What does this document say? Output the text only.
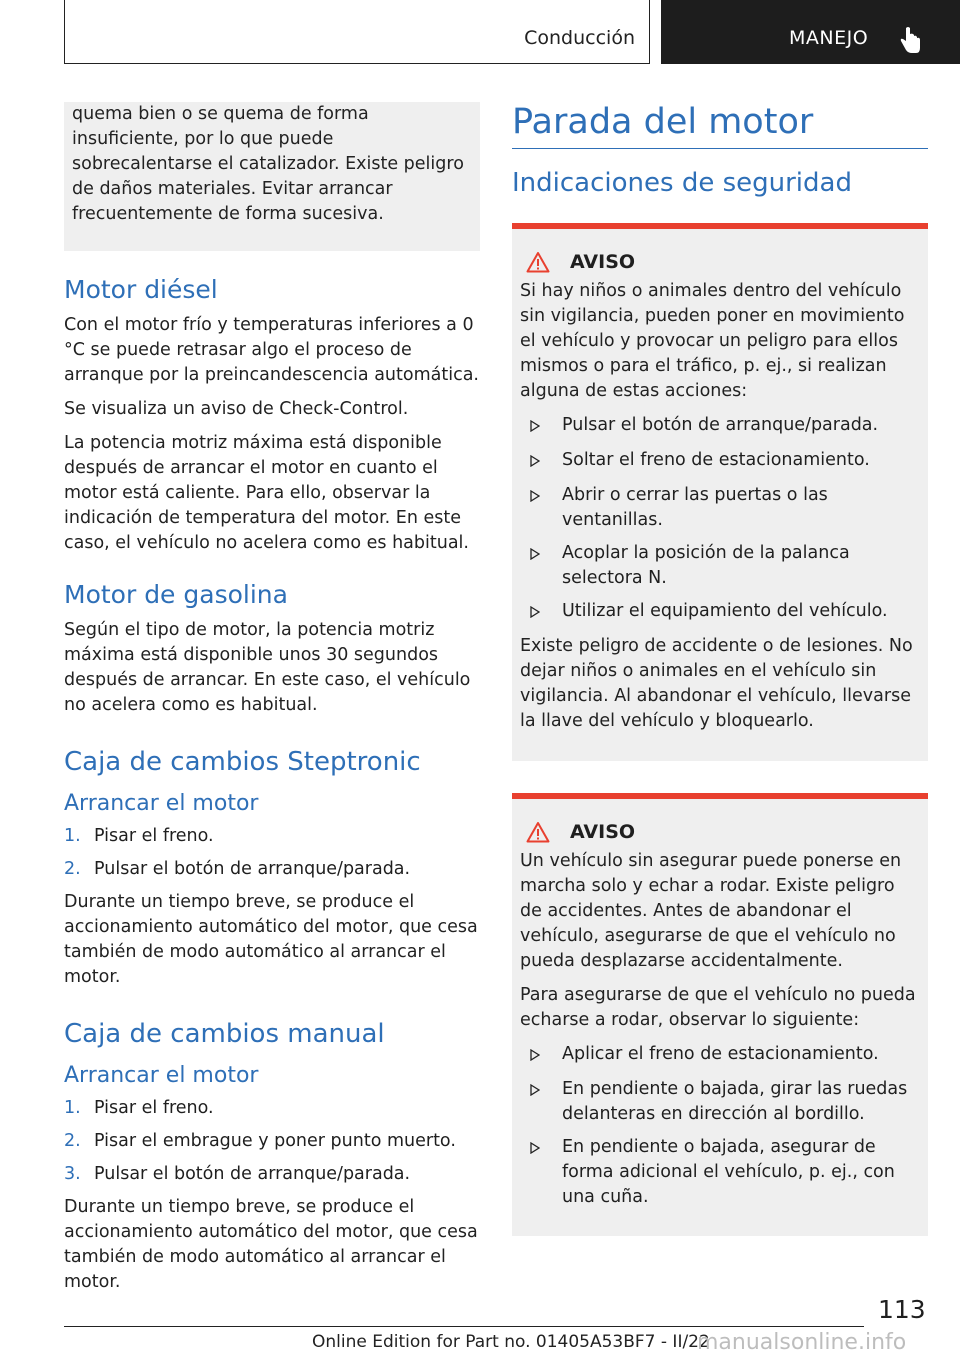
Conducción	MANEJO

quema bien o se quema de forma insuficiente, por lo que puede sobrecalentarse el catalizador. Existe peligro de daños materiales. Evitar arrancar frecuentemente de forma sucesiva.

Motor diésel

Con el motor frío y temperaturas inferiores a 0 °C se puede retrasar algo el proceso de arranque por la preincandescencia automática.

Se visualiza un aviso de Check-Control.

La potencia motriz máxima está disponible después de arrancar el motor en cuanto el motor está caliente. Para ello, observar la indicación de temperatura del motor. En este caso, el vehículo no acelera como es habitual.

Motor de gasolina

Según el tipo de motor, la potencia motriz máxima está disponible unos 30 segundos después de arrancar. En este caso, el vehículo no acelera como es habitual.

Caja de cambios Steptronic
Arrancar el motor
1. Pisar el freno.
2. Pulsar el botón de arranque/parada.

Durante un tiempo breve, se produce el accionamiento automático del motor, que cesa también de modo automático al arrancar el motor.

Caja de cambios manual
Arrancar el motor
1. Pisar el freno.
2. Pisar el embrague y poner punto muerto.
3. Pulsar el botón de arranque/parada.

Durante un tiempo breve, se produce el accionamiento automático del motor, que cesa también de modo automático al arrancar el motor.

Parada del motor
Indicaciones de seguridad
AVISO

Si hay niños o animales dentro del vehículo sin vigilancia, pueden poner en movimiento el vehículo y provocar un peligro para ellos mismos o para el tráfico, p. ej., si realizan alguna de estas acciones:

Pulsar el botón de arranque/parada.
Soltar el freno de estacionamiento.
Abrir o cerrar las puertas o las ventanillas.
Acoplar la posición de la palanca selectora N.
Utilizar el equipamiento del vehículo.

Existe peligro de accidente o de lesiones. No dejar niños o animales en el vehículo sin vigilancia. Al abandonar el vehículo, llevarse la llave del vehículo y bloquearlo.

AVISO

Un vehículo sin asegurar puede ponerse en marcha solo y echar a rodar. Existe peligro de accidentes. Antes de abandonar el vehículo, asegurarse de que el vehículo no pueda desplazarse accidentalmente.

Para asegurarse de que el vehículo no pueda echarse a rodar, observar lo siguiente:

Aplicar el freno de estacionamiento.
En pendiente o bajada, girar las ruedas delanteras en dirección al bordillo.
En pendiente o bajada, asegurar de forma adicional el vehículo, p. ej., con una cuña.
113
Online Edition for Part no. 01405A53BF7 - II/22
manualsonline.info
